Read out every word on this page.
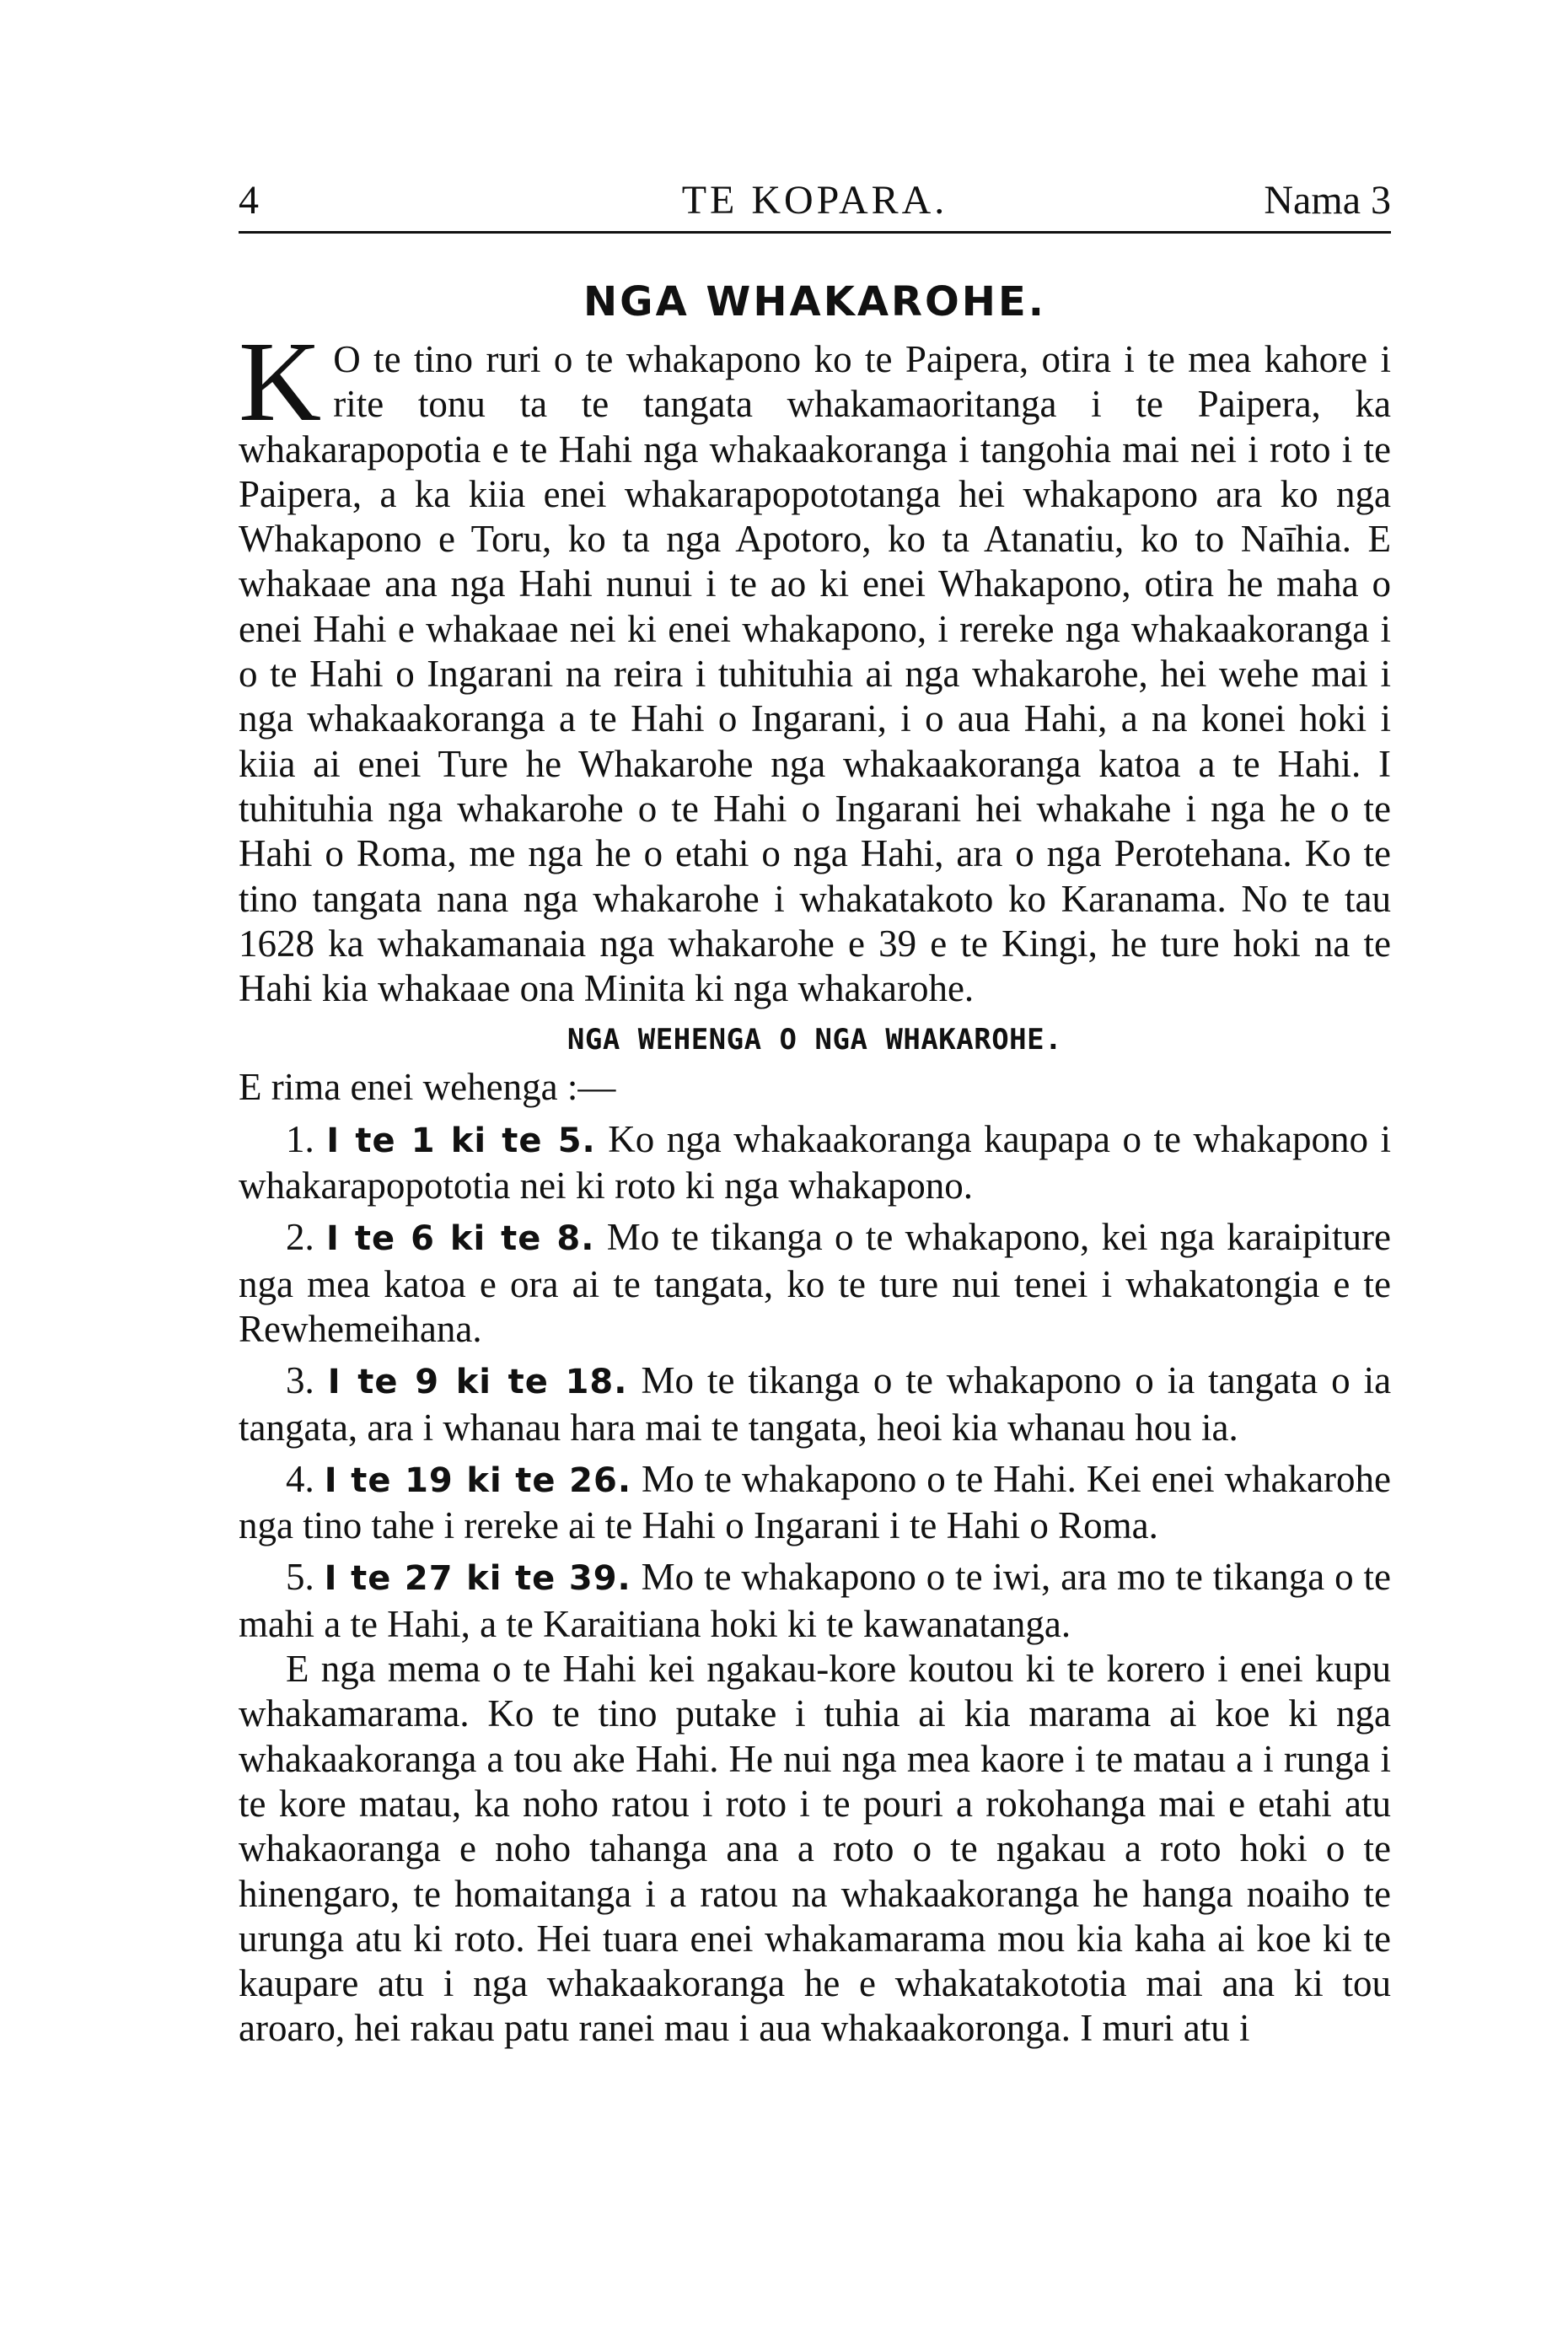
4	TE KOPARA.	Nama 3
NGA WHAKAROHE.

K O te tino ruri o te whakapono ko te Paipera, otira i te mea kahore i rite tonu ta te tangata whakamaoritanga i te Paipera, ka whakarapopotia e te Hahi nga whakaakoranga i tangohia mai nei i roto i te Paipera, a ka kiia enei whakarapopototanga hei whakapono ara ko nga Whakapono e Toru, ko ta nga Apotoro, ko ta Atanatiu, ko to Naīhia. E whakaae ana nga Hahi nunui i te ao ki enei Whakapono, otira he maha o enei Hahi e whakaae nei ki enei whakapono, i rereke nga whakaakoranga i o te Hahi o Ingarani na reira i tuhituhia ai nga whakarohe, hei wehe mai i nga whakaakoranga a te Hahi o Ingarani, i o aua Hahi, a na konei hoki i kiia ai enei Ture he Whakarohe nga whakaakoranga katoa a te Hahi. I tuhituhia nga whakarohe o te Hahi o Ingarani hei whakahe i nga he o te Hahi o Roma, me nga he o etahi o nga Hahi, ara o nga Perotehana. Ko te tino tangata nana nga whakarohe i whakatakoto ko Karanama. No te tau 1628 ka whakamanaia nga whakarohe e 39 e te Kingi, he ture hoki na te Hahi kia whakaae ona Minita ki nga whakarohe.

NGA WEHENGA O NGA WHAKAROHE.

E rima enei wehenga :—

1. I te 1 ki te 5. Ko nga whakaakoranga kaupapa o te whakapono i whakarapopototia nei ki roto ki nga whakapono.

2. I te 6 ki te 8. Mo te tikanga o te whakapono, kei nga karaipiture nga mea katoa e ora ai te tangata, ko te ture nui tenei i whakatongia e te Rewhemeihana.

3. I te 9 ki te 18. Mo te tikanga o te whakapono o ia tangata o ia tangata, ara i whanau hara mai te tangata, heoi kia whanau hou ia.

4. I te 19 ki te 26. Mo te whakapono o te Hahi. Kei enei whakarohe nga tino tahe i rereke ai te Hahi o Ingarani i te Hahi o Roma.

5. I te 27 ki te 39. Mo te whakapono o te iwi, ara mo te tikanga o te mahi a te Hahi, a te Karaitiana hoki ki te kawanatanga.

E nga mema o te Hahi kei ngakau-kore koutou ki te korero i enei kupu whakamarama. Ko te tino putake i tuhia ai kia marama ai koe ki nga whakaakoranga a tou ake Hahi. He nui nga mea kaore i te matau a i runga i te kore matau, ka noho ratou i roto i te pouri a rokohanga mai e etahi atu whakaoranga e noho tahanga ana a roto o te ngakau a roto hoki o te hinengaro, te homaitanga i a ratou na whakaakoranga he hanga noaiho te urunga atu ki roto. Hei tuara enei whakamarama mou kia kaha ai koe ki te kaupare atu i nga whakaakoranga he e whakatakototia mai ana ki tou aroaro, hei rakau patu ranei mau i aua whakaakoronga. I muri atu i
